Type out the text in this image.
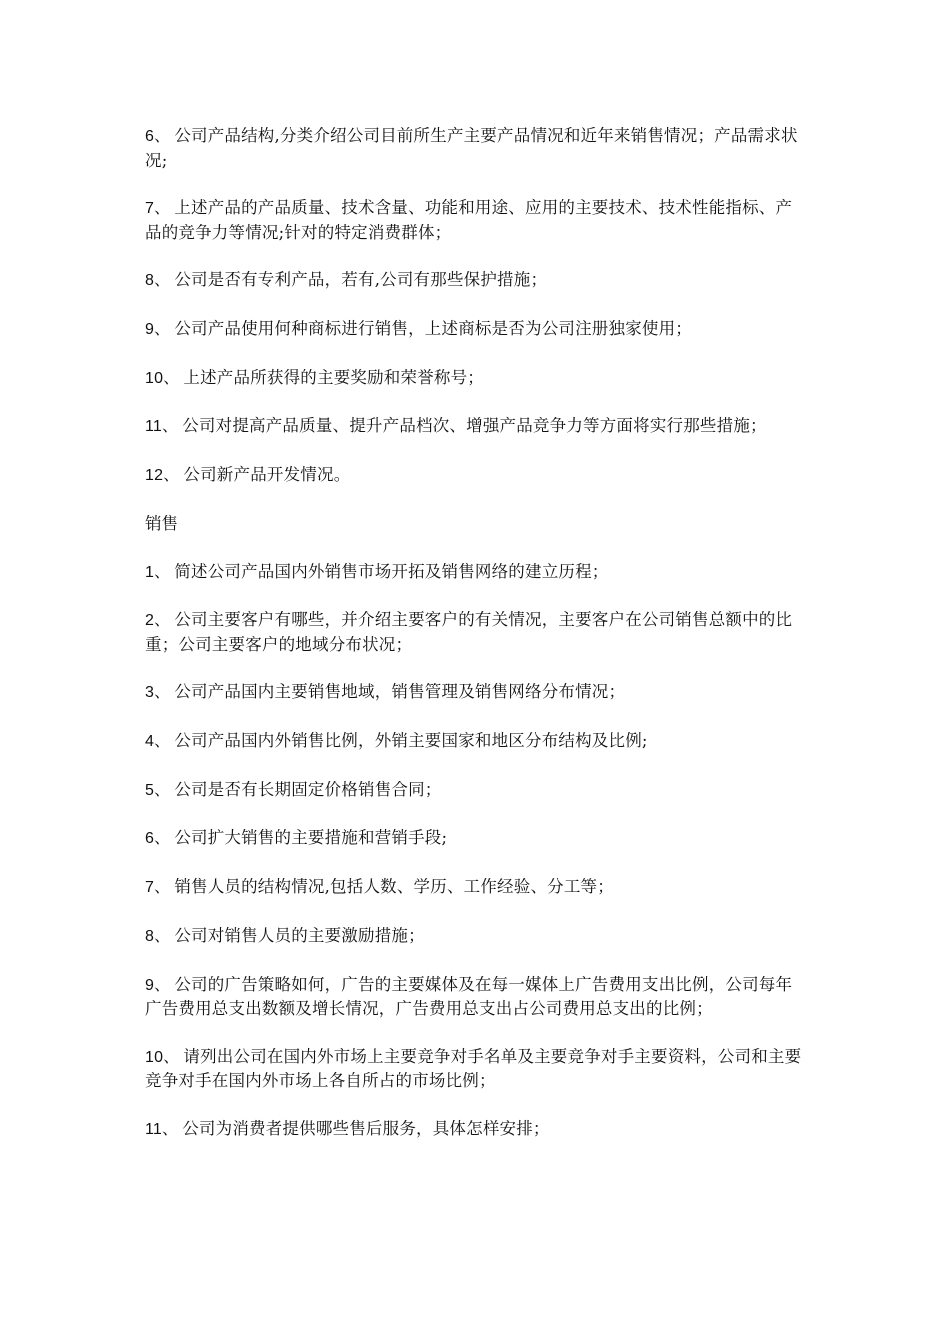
6、 公司产品结构,分类介绍公司目前所生产主要产品情况和近年来销售情况；产品需求状况;

7、 上述产品的产品质量、技术含量、功能和用途、应用的主要技术、技术性能指标、产品的竞争力等情况;针对的特定消费群体；

8、 公司是否有专利产品，若有,公司有那些保护措施；

9、 公司产品使用何种商标进行销售，上述商标是否为公司注册独家使用；

10、 上述产品所获得的主要奖励和荣誉称号；

11、 公司对提高产品质量、提升产品档次、增强产品竞争力等方面将实行那些措施；

12、 公司新产品开发情况。

销售

1、 简述公司产品国内外销售市场开拓及销售网络的建立历程；

2、 公司主要客户有哪些，并介绍主要客户的有关情况，主要客户在公司销售总额中的比重；公司主要客户的地域分布状况；

3、 公司产品国内主要销售地域，销售管理及销售网络分布情况；

4、 公司产品国内外销售比例，外销主要国家和地区分布结构及比例;

5、 公司是否有长期固定价格销售合同；

6、 公司扩大销售的主要措施和营销手段;

7、 销售人员的结构情况,包括人数、学历、工作经验、分工等；

8、 公司对销售人员的主要激励措施；

9、 公司的广告策略如何，广告的主要媒体及在每一媒体上广告费用支出比例，公司每年广告费用总支出数额及增长情况，广告费用总支出占公司费用总支出的比例；

10、 请列出公司在国内外市场上主要竞争对手名单及主要竞争对手主要资料，公司和主要竞争对手在国内外市场上各自所占的市场比例；

11、 公司为消费者提供哪些售后服务，具体怎样安排；
